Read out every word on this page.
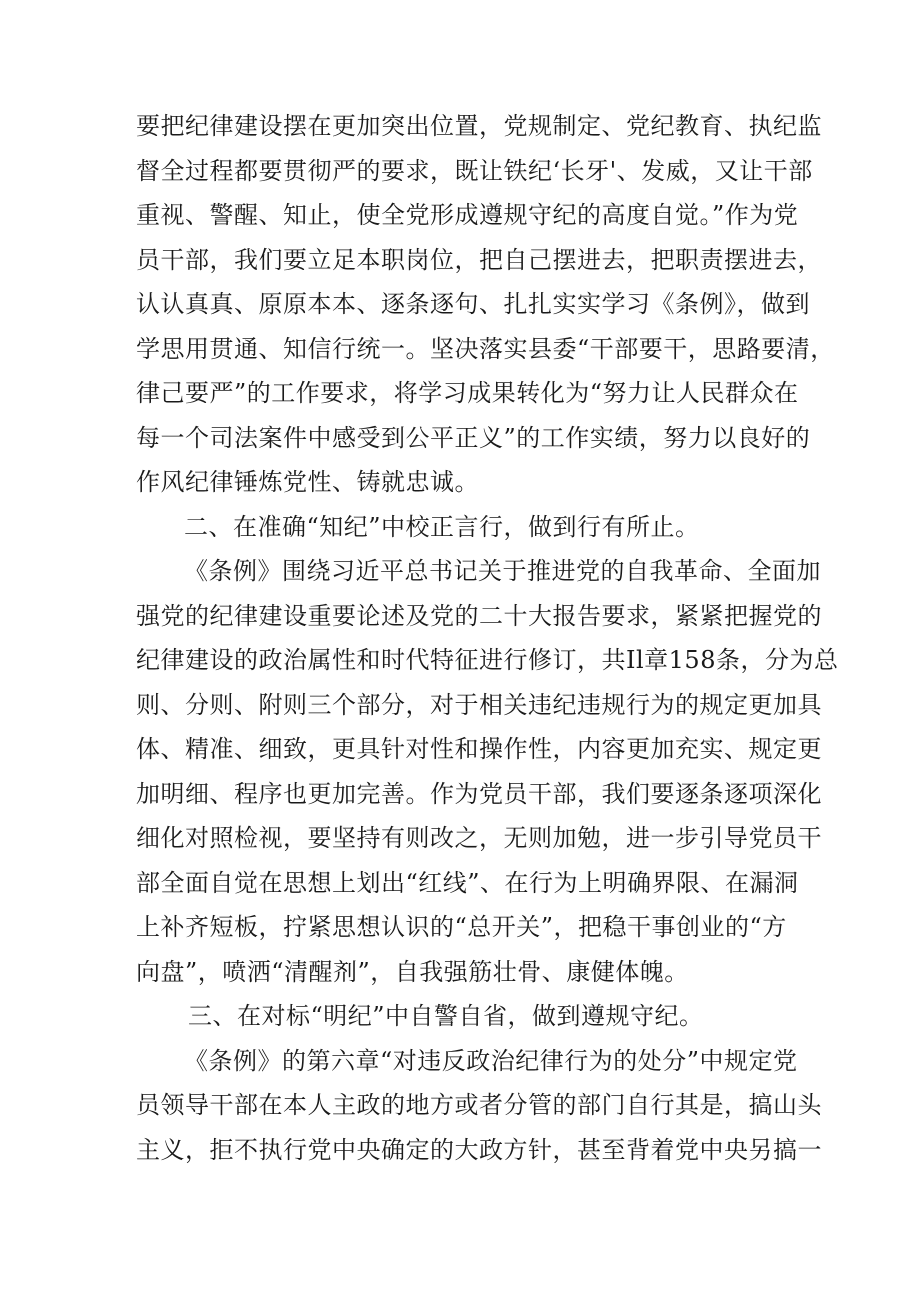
要把纪律建设摆在更加突出位置，党规制定、党纪教育、执纪监
督全过程都要贯彻严的要求，既让铁纪‘长牙'、发威，又让干部
重视、警醒、知止，使全党形成遵规守纪的高度自觉。”作为党
员干部，我们要立足本职岗位，把自己摆进去，把职责摆进去，
认认真真、原原本本、逐条逐句、扎扎实实学习《条例》，做到
学思用贯通、知信行统一。坚决落实县委“干部要干，思路要清，
律己要严”的工作要求，将学习成果转化为“努力让人民群众在
每一个司法案件中感受到公平正义”的工作实绩，努力以良好的
作风纪律锤炼党性、铸就忠诚。
二、在准确“知纪”中校正言行，做到行有所止。
《条例》围绕习近平总书记关于推进党的自我革命、全面加
强党的纪律建设重要论述及党的二十大报告要求，紧紧把握党的
纪律建设的政治属性和时代特征进行修订，共Il章158条，分为总
则、分则、附则三个部分，对于相关违纪违规行为的规定更加具
体、精准、细致，更具针对性和操作性，内容更加充实、规定更
加明细、程序也更加完善。作为党员干部，我们要逐条逐项深化
细化对照检视，要坚持有则改之，无则加勉，进一步引导党员干
部全面自觉在思想上划出“红线”、在行为上明确界限、在漏洞
上补齐短板，拧紧思想认识的“总开关”，把稳干事创业的“方
向盘”，喷洒“清醒剂”，自我强筋壮骨、康健体魄。
三、在对标“明纪”中自警自省，做到遵规守纪。
《条例》的第六章“对违反政治纪律行为的处分”中规定党
员领导干部在本人主政的地方或者分管的部门自行其是，搞山头
主义，拒不执行党中央确定的大政方针，甚至背着党中央另搞一
